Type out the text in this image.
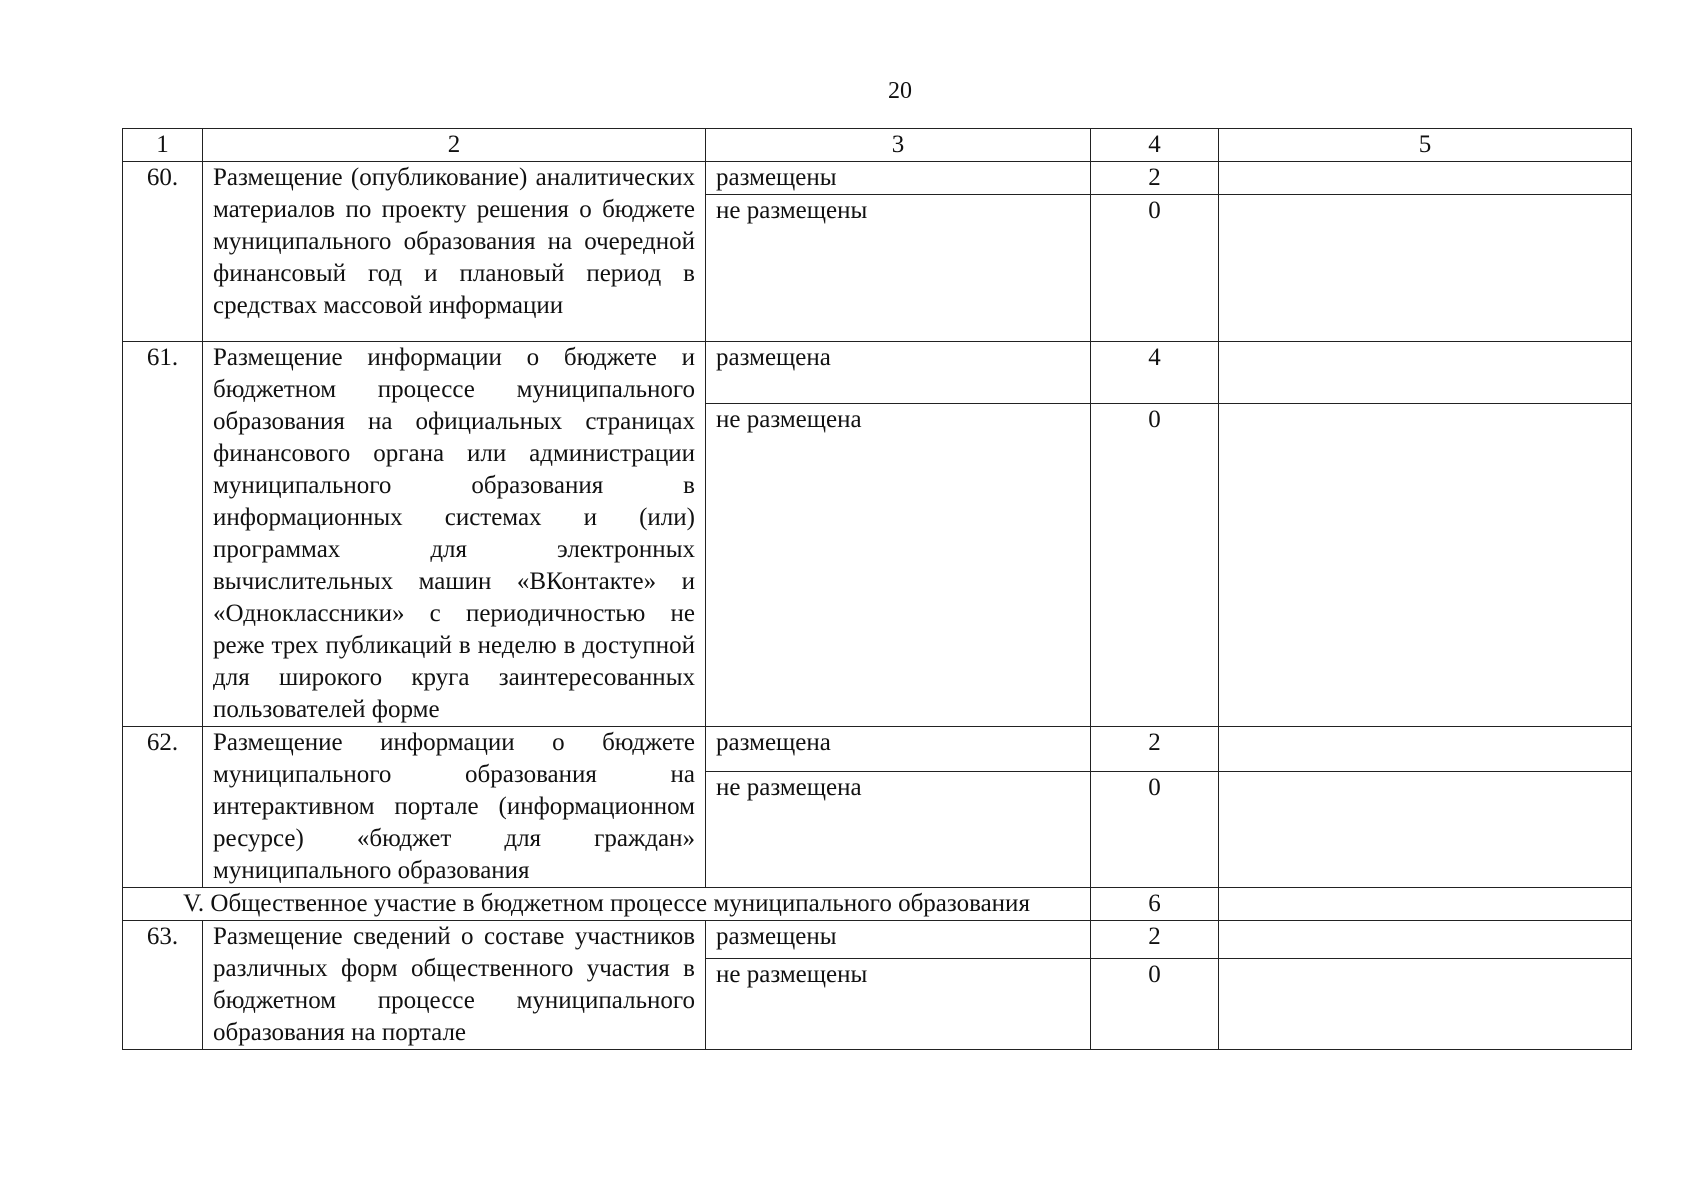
20
1	2	3	4	5
60.	Размещение (опубликование) аналитических материалов по проекту решения о бюджете муниципального образования на очередной финансовый год и плановый период в средствах массовой информации	размещены	2	
		не размещены	0	
61.	Размещение информации о бюджете и бюджетном процессе муниципального образования на официальных страницах финансового органа или администрации муниципального образования в информационных системах и (или) программах для электронных вычислительных машин «ВКонтакте» и «Одноклассники» с периодичностью не реже трех публикаций в неделю в доступной для широкого круга заинтересованных пользователей форме	размещена	4	
		не размещена	0	
62.	Размещение информации о бюджете муниципального образования на интерактивном портале (информационном ресурсе) «бюджет для граждан» муниципального образования	размещена	2	
		не размещена	0	
V. Общественное участие в бюджетном процессе муниципального образования			6	
63.	Размещение сведений о составе участников различных форм общественного участия в бюджетном процессе муниципального образования на портале	размещены	2	
		не размещены	0	
